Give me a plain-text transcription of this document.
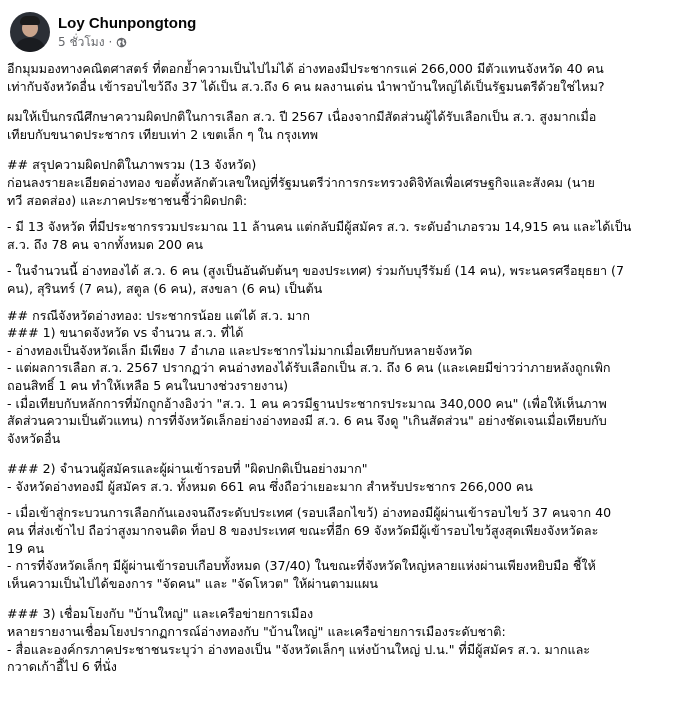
Loy Chunpongtong
5 ชั่วโมง ·

อีกมุมมองทางคณิตศาสตร์ ที่ตอกย้ำความเป็นไปไม่ได้ อ่างทองมีประชากรแค่ 266,000 มีตัวแทนจังหวัด 40 คน
เท่ากับจังหวัดอื่น เข้ารอบไขว้ถึง 37 ได้เป็น ส.ว.ถึง 6 คน ผลงานเด่น นำพาบ้านใหญ่ได้เป็นรัฐมนตรีด้วยใช่ไหม?

ผมให้เป็นกรณีศึกษาความผิดปกติในการเลือก ส.ว. ปี 2567 เนื่องจากมีสัดส่วนผู้ได้รับเลือกเป็น ส.ว. สูงมากเมื่อ
เทียบกับขนาดประชากร เทียบเท่า 2 เขตเล็ก ๆ ใน กรุงเทพ

## สรุปความผิดปกติในภาพรวม (13 จังหวัด)
ก่อนลงรายละเอียดอ่างทอง ขอตั้งหลักตัวเลขใหญ่ที่รัฐมนตรีว่าการกระทรวงดิจิทัลเพื่อเศรษฐกิจและสังคม (นาย
ทวี สอดส่อง) และภาคประชาชนชี้ว่าผิดปกติ:

- มี 13 จังหวัด ที่มีประชากรรวมประมาณ 11 ล้านคน แต่กลับมีผู้สมัคร ส.ว. ระดับอำเภอรวม 14,915 คน และได้เป็น
ส.ว. ถึง 78 คน จากทั้งหมด 200 คน

- ในจำนวนนี้ อ่างทองได้ ส.ว. 6 คน (สูงเป็นอันดับต้นๆ ของประเทศ) ร่วมกับบุรีรัมย์ (14 คน), พระนครศรีอยุธยา (7
คน), สุรินทร์ (7 คน), สตูล (6 คน), สงขลา (6 คน) เป็นต้น

## กรณีจังหวัดอ่างทอง: ประชากรน้อย แต่ได้ ส.ว. มาก
### 1) ขนาดจังหวัด vs จำนวน ส.ว. ที่ได้
- อ่างทองเป็นจังหวัดเล็ก มีเพียง 7 อำเภอ และประชากรไม่มากเมื่อเทียบกับหลายจังหวัด
- แต่ผลการเลือก ส.ว. 2567 ปรากฏว่า คนอ่างทองได้รับเลือกเป็น ส.ว. ถึง 6 คน (และเคยมีข่าวว่าภายหลังถูกเพิก
ถอนสิทธิ์ 1 คน ทำให้เหลือ 5 คนในบางช่วงรายงาน)
- เมื่อเทียบกับหลักการที่มักถูกอ้างอิงว่า "ส.ว. 1 คน ควรมีฐานประชากรประมาณ 340,000 คน" (เพื่อให้เห็นภาพ
สัดส่วนความเป็นตัวแทน) การที่จังหวัดเล็กอย่างอ่างทองมี ส.ว. 6 คน จึงดู "เกินสัดส่วน" อย่างชัดเจนเมื่อเทียบกับ
จังหวัดอื่น

### 2) จำนวนผู้สมัครและผู้ผ่านเข้ารอบที่ "ผิดปกติเป็นอย่างมาก"
- จังหวัดอ่างทองมี ผู้สมัคร ส.ว. ทั้งหมด 661 คน ซึ่งถือว่าเยอะมาก สำหรับประชากร 266,000 คน

- เมื่อเข้าสู่กระบวนการเลือกกันเองจนถึงระดับประเทศ (รอบเลือกไขว้) อ่างทองมีผู้ผ่านเข้ารอบไขว้ 37 คนจาก 40
คน ที่ส่งเข้าไป ถือว่าสูงมากจนติด ท็อป 8 ของประเทศ ขณะที่อีก 69 จังหวัดมีผู้เข้ารอบไขว้สูงสุดเพียงจังหวัดละ
19 คน
- การที่จังหวัดเล็กๆ มีผู้ผ่านเข้ารอบเกือบทั้งหมด (37/40) ในขณะที่จังหวัดใหญ่หลายแห่งผ่านเพียงหยิบมือ ชี้ให้
เห็นความเป็นไปได้ของการ "จัดคน" และ "จัดโหวต" ให้ผ่านตามแผน

### 3) เชื่อมโยงกับ "บ้านใหญ่" และเครือข่ายการเมือง
หลายรายงานเชื่อมโยงปรากฏการณ์อ่างทองกับ "บ้านใหญ่" และเครือข่ายการเมืองระดับชาติ:
- สื่อและองค์กรภาคประชาชนระบุว่า อ่างทองเป็น "จังหวัดเล็กๆ แห่งบ้านใหญ่ ป.น." ที่มีผู้สมัคร ส.ว. มากและ
กวาดเก้าอี้ไป 6 ที่นั่ง
